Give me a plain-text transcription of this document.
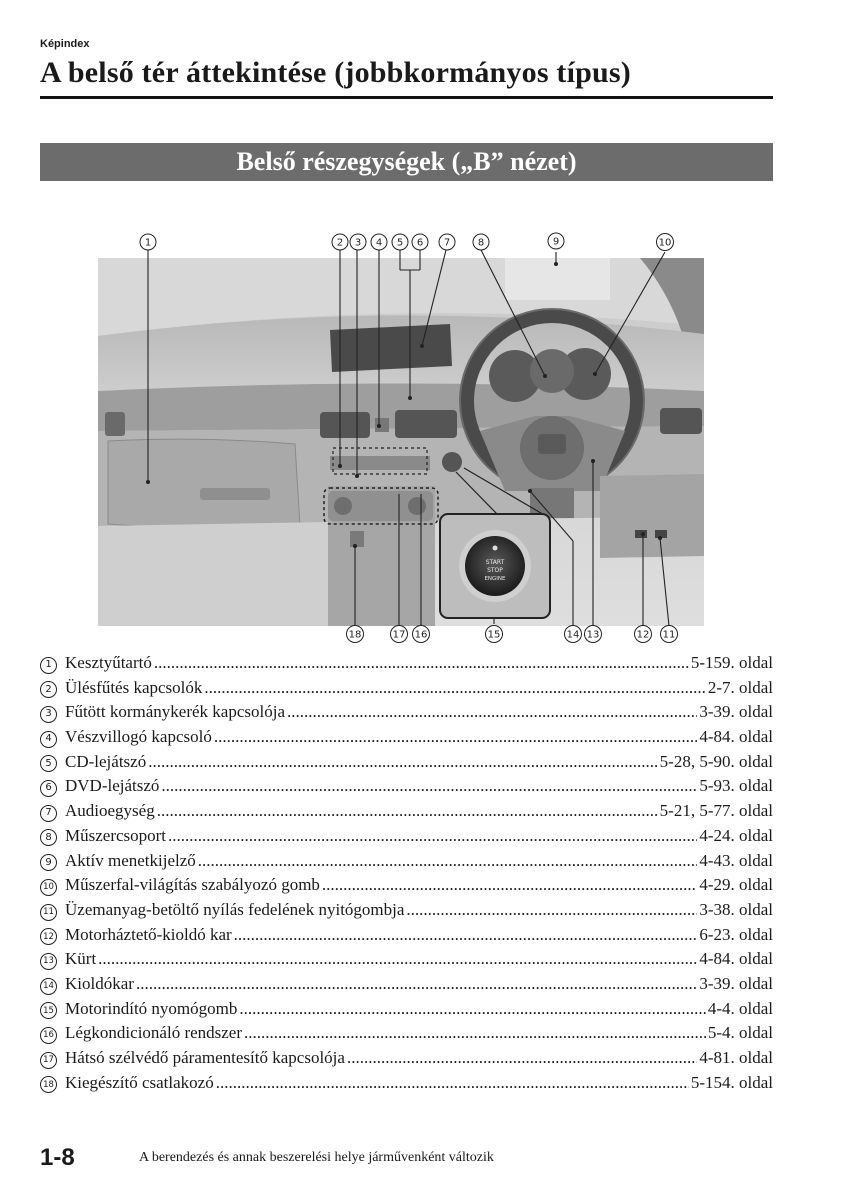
Képindex
A belső tér áttekintése (jobbkormányos típus)
Belső részegységek („B” nézet)
START
STOP
ENGINE
1	2 3 4 5 6 7	8	9	10
18	17 16	15	14 13	12 11
1 Kesztyűtartó .....	5-159. oldal
2 Ülésfűtés kapcsolók .....	2-7. oldal
3 Fűtött kormánykerék kapcsolója .....	3-39. oldal
4 Vészvillogó kapcsoló .....	4-84. oldal
5 CD-lejátszó .....	5-28, 5-90. oldal
6 DVD-lejátszó .....	5-93. oldal
7 Audioegység .....	5-21, 5-77. oldal
8 Műszercsoport .....	4-24. oldal
9 Aktív menetkijelző .....	4-43. oldal
10 Műszerfal-világítás szabályozó gomb .....	4-29. oldal
11 Üzemanyag-betöltő nyílás fedelének nyitógombja .....	3-38. oldal
12 Motorháztető-kioldó kar .....	6-23. oldal
13 Kürt .....	4-84. oldal
14 Kioldókar .....	3-39. oldal
15 Motorindító nyomógomb .....	4-4. oldal
16 Légkondicionáló rendszer .....	5-4. oldal
17 Hátsó szélvédő páramentesítő kapcsolója .....	4-81. oldal
18 Kiegészítő csatlakozó .....	5-154. oldal
1-8	A berendezés és annak beszerelési helye járművenként változik
